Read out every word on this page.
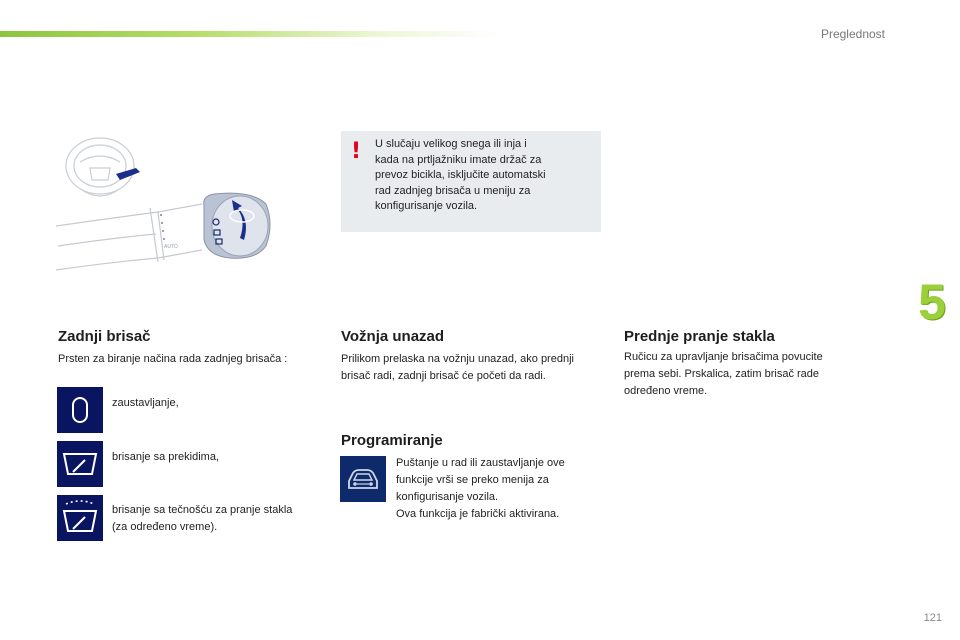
Preglednost
5
AUTO
! U slučaju velikog snega ili inja i
kada na prtljažniku imate držač za
prevoz bicikla, isključite automatski
rad zadnjeg brisača u meniju za
konfigurisanje vozila.
Zadnji brisač

Prsten za biranje načina rada zadnjeg brisača :

zaustavljanje,
brisanje sa prekidima,
brisanje sa tečnošću za pranje stakla
(za određeno vreme).
Vožnja unazad
Prilikom prelaska na vožnju unazad, ako prednji
brisač radi, zadnji brisač će početi da radi.
Programiranje
Puštanje u rad ili zaustavljanje ove
funkcije vrši se preko menija za
konfigurisanje vozila.
Ova funkcija je fabrički aktivirana.
Prednje pranje stakla
Ručicu za upravljanje brisačima povucite
prema sebi. Prskalica, zatim brisač rade
određeno vreme.
121
